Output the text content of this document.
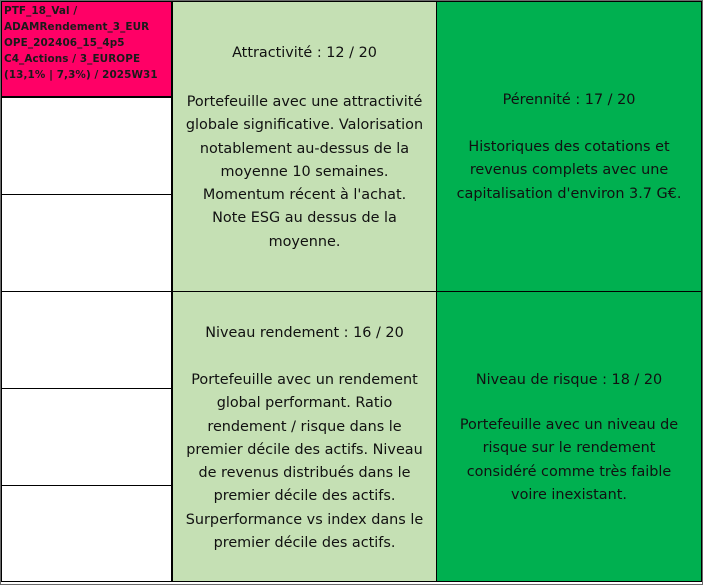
PTF_18_Val /
ADAMRendement_3_EUR
OPE_202406_15_4p5
C4_Actions / 3_EUROPE
(13,1% | 7,3%) / 2025W31
Attractivité : 12 / 20
Portefeuille avec une attractivité
globale significative. Valorisation
notablement au-dessus de la
moyenne 10 semaines.
Momentum récent à l'achat.
Note ESG au dessus de la
moyenne.
Pérennité : 17 / 20
Historiques des cotations et
revenus complets avec une
capitalisation d'environ 3.7 G€.
Niveau rendement : 16 / 20
Portefeuille avec un rendement
global performant. Ratio
rendement / risque dans le
premier décile des actifs. Niveau
de revenus distribués dans le
premier décile des actifs.
Surperformance vs index dans le
premier décile des actifs.
Niveau de risque : 18 / 20
Portefeuille avec un niveau de
risque sur le rendement
considéré comme très faible
voire inexistant.
